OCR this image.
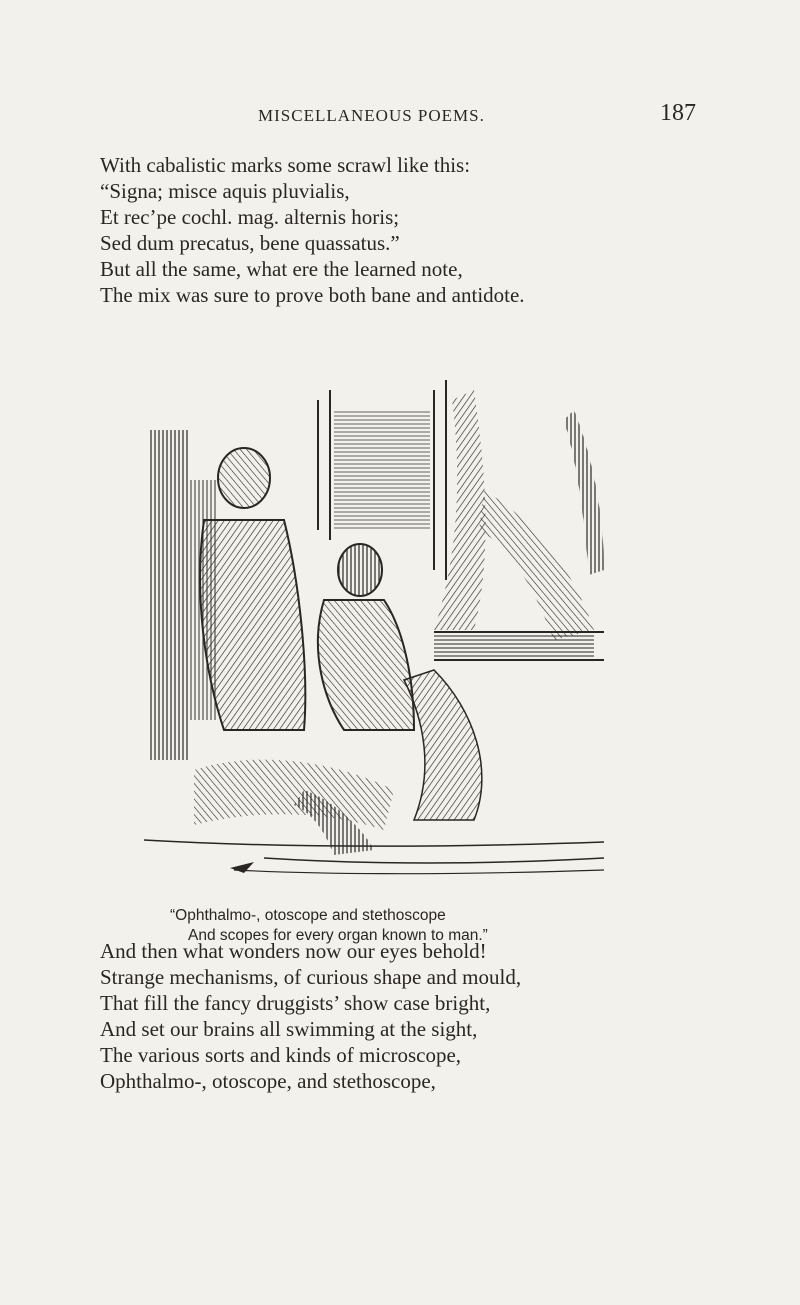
MISCELLANEOUS POEMS.	187
With cabalistic marks some scrawl like this:
“Signa; misce aquis pluvialis,
Et rec’pe cochl. mag. alternis horis;
Sed dum precatus, bene quassatus.”
But all the same, what ere the learned note,
The mix was sure to prove both bane and antidote.
“Ophthalmo-, otoscope and stethoscope
And scopes for every organ known to man.”
And then what wonders now our eyes behold!
Strange mechanisms, of curious shape and mould,
That fill the fancy druggists’ show case bright,
And set our brains all swimming at the sight,
The various sorts and kinds of microscope,
Ophthalmo-, otoscope, and stethoscope,
